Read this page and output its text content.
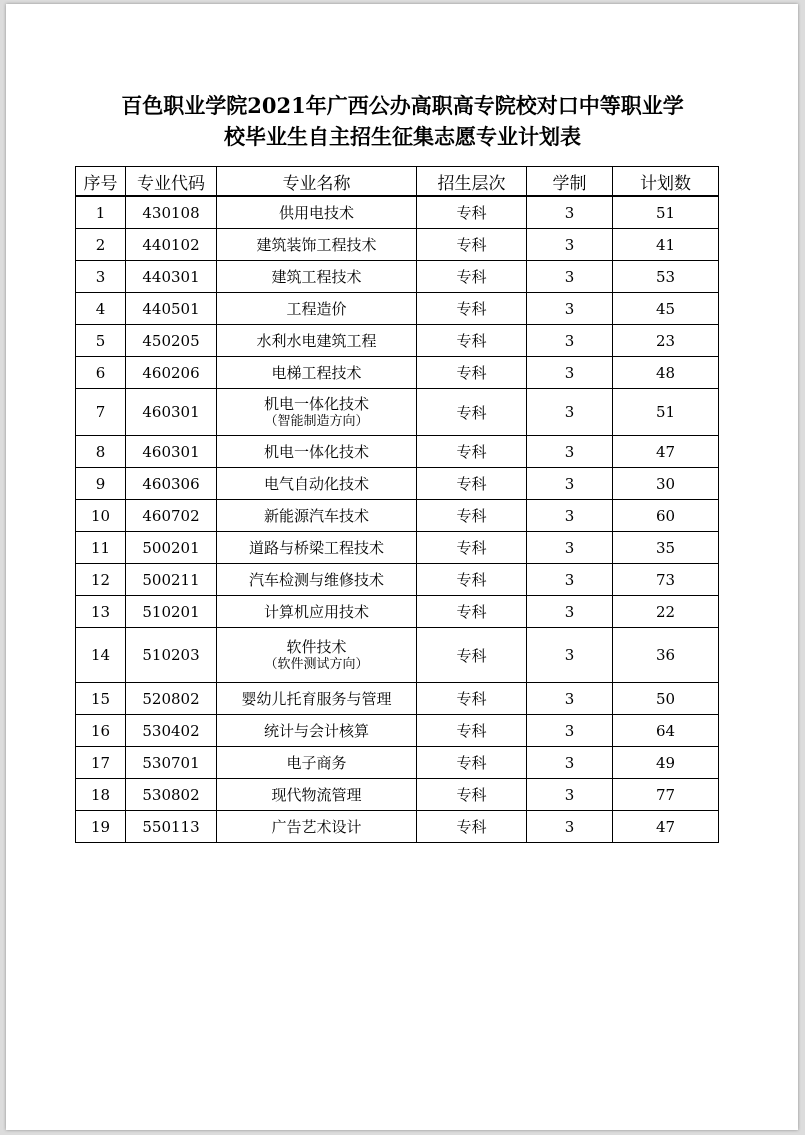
百色职业学院2021年广西公办高职高专院校对口中等职业学
校毕业生自主招生征集志愿专业计划表
序号	专业代码	专业名称	招生层次	学制	计划数
1	430108	供用电技术	专科	3	51
2	440102	建筑装饰工程技术	专科	3	41
3	440301	建筑工程技术	专科	3	53
4	440501	工程造价	专科	3	45
5	450205	水利水电建筑工程	专科	3	23
6	460206	电梯工程技术	专科	3	48
7	460301	机电一体化技术
（智能制造方向）	专科	3	51
8	460301	机电一体化技术	专科	3	47
9	460306	电气自动化技术	专科	3	30
10	460702	新能源汽车技术	专科	3	60
11	500201	道路与桥梁工程技术	专科	3	35
12	500211	汽车检测与维修技术	专科	3	73
13	510201	计算机应用技术	专科	3	22
14	510203	软件技术
（软件测试方向）	专科	3	36
15	520802	婴幼儿托育服务与管理	专科	3	50
16	530402	统计与会计核算	专科	3	64
17	530701	电子商务	专科	3	49
18	530802	现代物流管理	专科	3	77
19	550113	广告艺术设计	专科	3	47
